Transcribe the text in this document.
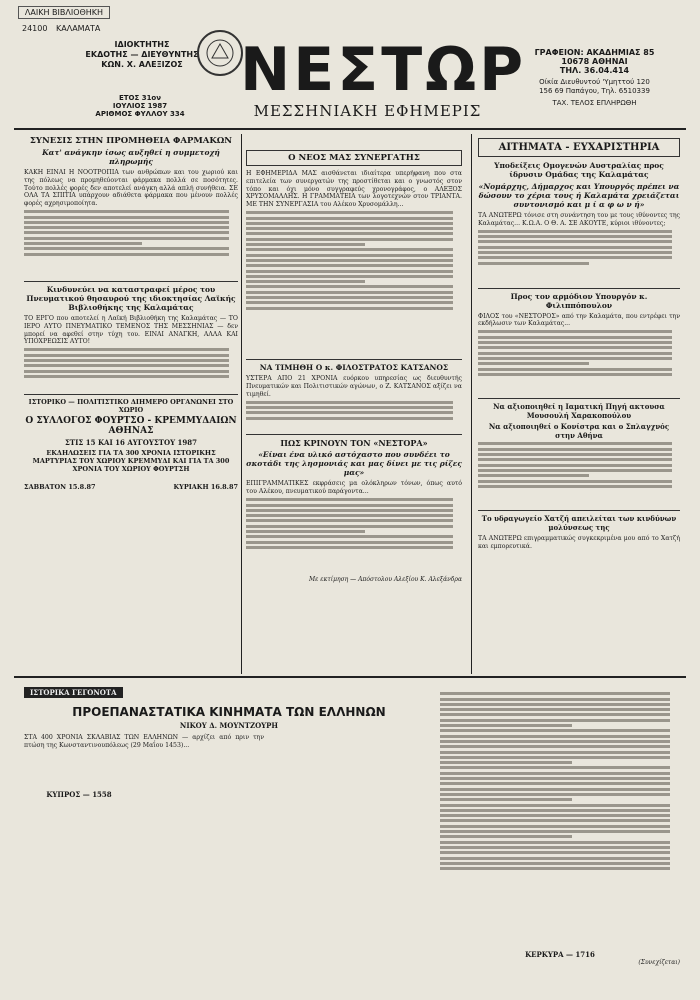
ΛΑΙΚΗ ΒΙΒΛΙΟΘΗΚΗ
24100 ΚΑΛΑΜΑΤΑ
ΙΔΙΟΚΤΗΤΗΣ
ΕΚΔΟΤΗΣ — ΔΙΕΥΘΥΝΤΗΣ
ΚΩΝ. Χ. ΑΛΕΞΙΖΟΣ
ΕΤΟΣ 31ον
ΙΟΥΛΙΟΣ 1987
ΑΡΙΘΜΟΣ ΦΥΛΛΟΥ 334
ΝΕΣΤΩΡ
ΜΕΣΣΗΝΙΑΚΗ ΕΦΗΜΕΡΙΣ
ΓΡΑΦΕΙΟΝ: ΑΚΑΔΗΜΙΑΣ 85
10678 ΑΘΗΝΑΙ
ΤΗΛ. 36.04.414
Οίκία Διευθυντού 'Υμηττού 120
156 69 Παπάγου, Τηλ. 6510339
ΤΑΧ. ΤΕΛΟΣ ΕΠΛΗΡΩΘΗ
ΣΥΝΕΣΙΣ ΣΤΗΝ ΠΡΟΜΗΘΕΙΑ ΦΑΡΜΑΚΩΝ
Κατ' ανάγκην ίσως αυξηθεί η συμμετοχή πληρωμής
ΚΑΚΗ ΕΙΝΑΙ Η ΝΟΟΤΡΟΠΙΑ των ανθρώπων και του χωριού και της πόλεως να προμηθεύονται φάρμακα πολλά σε ποσότητες. Τούτο πολλές φορές δεν αποτελεί ανάγκη αλλά απλή συνήθεια. ΣΕ ΟΛΑ ΤΑ ΣΠΙΤΙΑ υπάρχουν αδιάθετα φάρμακα που μένουν πολλές φορές αχρησιμοποίητα.
Κινδυνεύει να καταστραφεί μέρος του Πνευματικού θησαυρού της ιδιοκτησίας Λαϊκής Βιβλιοθήκης της Καλαμάτας
ΤΟ ΕΡΓΟ που αποτελεί η Λαϊκή Βιβλιοθήκη της Καλαμάτας — ΤΟ ΙΕΡΟ ΑΥΤΟ ΠΝΕΥΜΑΤΙΚΟ ΤΕΜΕΝΟΣ ΤΗΣ ΜΕΣΣΗΝΙΑΣ — δεν μπορεί να αφεθεί στην τύχη του. ΕΙΝΑΙ ΑΝΑΓΚΗ, ΑΛΛΑ ΚΑΙ ΥΠΟΧΡΕΩΣΙΣ ΑΥΤΟ!
ΙΣΤΟΡΙΚΟ — ΠΟΛΙΤΙΣΤΙΚΟ ΔΙΗΜΕΡΟ ΟΡΓΑΝΩΝΕΙ ΣΤΟ ΧΩΡΙΟ
Ο ΣΥΛΛΟΓΟΣ ΦΟΥΡΤΣΟ - ΚΡΕΜΜΥΔΑΙΩΝ ΑΘΗΝΑΣ
ΣΤΙΣ 15 ΚΑΙ 16 ΑΥΓΟΥΣΤΟΥ 1987
ΕΚΔΗΛΩΣΕΙΣ ΓΙΑ ΤΑ 300 ΧΡΟΝΙΑ ΙΣΤΟΡΙΚΗΣ ΜΑΡΤΥΡΙΑΣ ΤΟΥ ΧΩΡΙΟΥ ΚΡΕΜΜΥΔΙ ΚΑΙ ΓΙΑ ΤΑ 300 ΧΡΟΝΙΑ ΤΟΥ ΧΩΡΙΟΥ ΦΟΥΡΤΣΗ
ΣΑΒΒΑΤΟΝ 15.8.87	ΚΥΡΙΑΚΗ 16.8.87
Ο ΝΕΟΣ ΜΑΣ ΣΥΝΕΡΓΑΤΗΣ
Η ΕΦΗΜΕΡΙΔΑ ΜΑΣ αισθάνεται ιδιαίτερα υπερήφανη που στα επιτελεία των συνεργατών της προστίθεται και ο γνωστός στον τόπο και όχι μόνο συγγραφεύς χρονογράφος, ο ΑΛΕΞΟΣ ΧΡΥΣΟΜΑΛΛΗΣ. Η ΓΡΑΜΜΑΤΕΙΑ των λογοτεχνών στον ΤΡΙΑΝΤΑ. ΜΕ ΤΗΝ ΣΥΝΕΡΓΑΣΙΑ του Αλέκου Χρυσομάλλη...
ΝΑ ΤΙΜΗΘΗ Ο κ. ΦΙΛΟΣΤΡΑΤΟΣ ΚΑΤΣΑΝΟΣ
ΥΣΤΕΡΑ ΑΠΟ 21 ΧΡΟΝΙΑ ευόρκου υπηρεσίας ως διευθυντής Πνευματικών και Πολιτιστικών αγώνων, ο Ζ. ΚΑΤΣΑΝΟΣ αξίζει να τιμηθεί.
ΠΩΣ ΚΡΙΝΟΥΝ ΤΟΝ «ΝΕΣΤΟΡΑ»
«Είναι ένα υλικό αστόχαστο που συνδέει το σκοτάδι της λησμονιάς και μας δίνει με τις ρίζες μας»
ΕΠΙΓΡΑΜΜΑΤΙΚΕΣ εκφράσεις μα ολόκληρων τόνων, όπως αυτό του Αλέκου, πνευματικού παράγοντα...
Με εκτίμηση — Απόστολου Αλεξίου Κ. Αλεξάνδρα
ΑΙΤΗΜΑΤΑ - ΕΥΧΑΡΙΣΤΗΡΙΑ
Υποδείξεις Ομογενών Αυστραλίας προς ίδρυσιν Ομάδας της Καλαμάτας
«Νομάρχης, Δήμαρχος και Υπουργός πρέπει να δώσουν το χέρια τους ή Καλαμάτα χρειάζεται συντονισμό και μ ί α φ ω ν ή»
ΤΑ ΑΝΩΤΕΡΩ τόνισε στη συνάντηση του με τους ιθύνοντες της Καλαμάτας... Κ.Ω.Α. Ο Θ. Α. ΣΕ ΑΚΟΥΤΕ, κύριοι ιθύνοντες;
Προς τον αρμόδιον Υπουργόν κ. Φιλιππόπουλον
ΦΙΛΟΣ του «ΝΕΣΤΟΡΟΣ» από την Καλαμάτα, που εντρέφει την εκδήλωσιν των Καλαμάτας...
Να αξιοποιηθεί η Ιαματική Πηγή ακτουσα Μουσουλή Χαρακοπούλου
Να αξιοποιηθεί ο Κονίστρα και ο Σπλαγχνός στην Αθήνα
Το υδραγωγείο Χατζή απειλείται των κινδύνων μολύνσεως της
ΤΑ ΑΝΩΤΕΡΩ επιγραμματικώς συγκεκριμένα μου από το Χατζή και εμπορευτικά.
ΙΣΤΟΡΙΚΑ ΓΕΓΟΝΟΤΑ
ΠΡΟΕΠΑΝΑΣΤΑΤΙΚΑ ΚΙΝΗΜΑΤΑ ΤΩΝ ΕΛΛΗΝΩΝ
ΝΙΚΟΥ Δ. ΜΟΥΝΤΖΟΥΡΗ
ΣΤΑ 400 ΧΡΟΝΙΑ ΣΚΛΑΒΙΑΣ ΤΩΝ ΕΛΛΗΝΩΝ — αρχίζει από πριν την πτώση της Κωνσταντινουπόλεως (29 Μαΐου 1453)...
ΚΥΠΡΟΣ — 1558
ΚΕΡΚΥΡΑ — 1716
(Συνεχίζεται)
